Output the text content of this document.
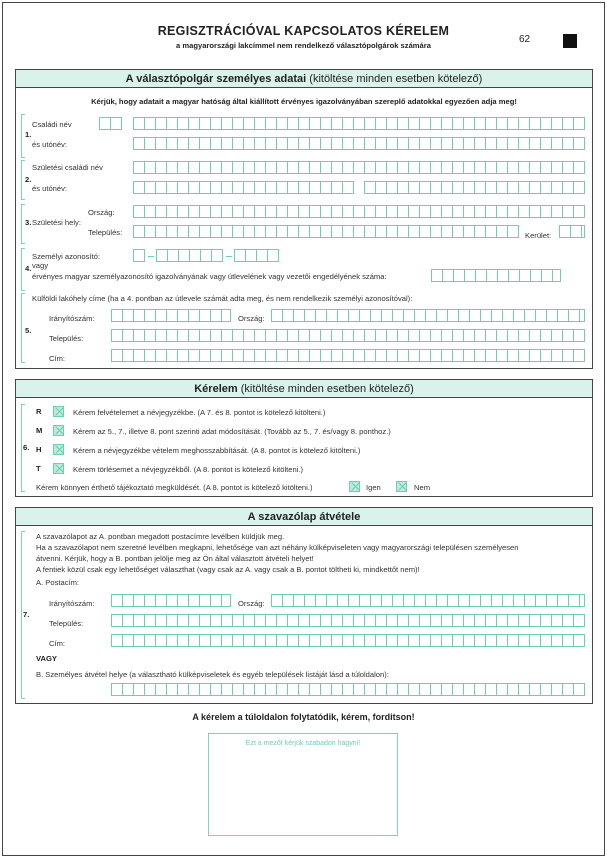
REGISZTRÁCIÓVAL KAPCSOLATOS KÉRELEM
a magyarországi lakcímmel nem rendelkező választópolgárok számára
62
A választópolgár személyes adatai (kitöltése minden esetben kötelező)
Kérjük, hogy adatait a magyar hatóság által kiállított érvényes igazolványában szereplő adatokkal egyezően adja meg!
1.
Családi név
és utónév:
2.
Születési családi név
és utónév:
3. Születési hely:
Ország:
Település:	Kerület:
4.
Személyi azonosító:
vagy
érvényes magyar személyazonosító igazolványának vagy útlevelének vagy vezetői engedélyének száma:
5.
Külföldi lakóhely címe (ha a 4. pontban az útlevele számát adta meg, és nem rendelkezik személyi azonosítóval):
Irányítószám:	Ország:
Település:
Cím:
Kérelem (kitöltése minden esetben kötelező)
6.
R	Kérem felvételemet a névjegyzékbe. (A 7. és 8. pontot is kötelező kitölteni.)
M	Kérem az 5., 7., illetve 8. pont szerinti adat módosítását. (Tovább az 5., 7. és/vagy 8. ponthoz.)
H	Kérem a névjegyzékbe vételem meghosszabbítását. (A 8. pontot is kötelező kitölteni.)
T	Kérem törlésemet a névjegyzékből. (A 8. pontot is kötelező kitölteni.)
Kérem könnyen érthető tájékoztató megküldését. (A 8. pontot is kötelező kitölteni.)	Igen	Nem
A szavazólap átvétele
7.
A szavazólapot az A. pontban megadott postacímre levélben küldjük meg.
Ha a szavazólapot nem szeretné levélben megkapni, lehetősége van azt néhány külképviseleten vagy magyarországi településen személyesen
átvenni. Kérjük, hogy a B. pontban jelölje meg az Ön által választott átvételi helyet!
A fentiek közül csak egy lehetőséget választhat (vagy csak az A. vagy csak a B. pontot töltheti ki, mindkettőt nem)!
A. Postacím:
Irányítószám:	Ország:
Település:
Cím:
VAGY
B. Személyes átvétel helye (a választható külképviseletek és egyéb települések listáját lásd a túloldalon):
A kérelem a túloldalon folytatódik, kérem, forditson!
Ezt a mezőt kérjük szabadon hagyni!
